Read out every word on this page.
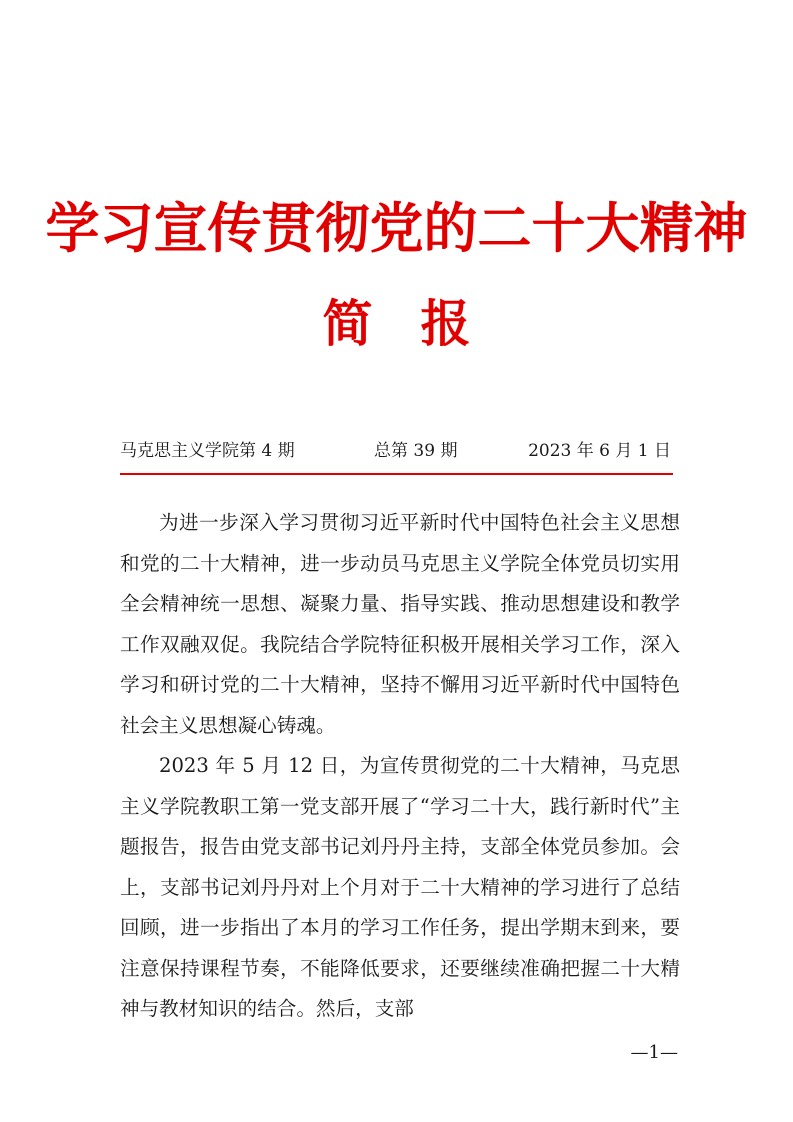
学习宣传贯彻党的二十大精神
简报
马克思主义学院第 4 期	总第 39 期	2023 年 6 月 1 日

为进一步深入学习贯彻习近平新时代中国特色社会主义思想和党的二十大精神，进一步动员马克思主义学院全体党员切实用全会精神统一思想、凝聚力量、指导实践、推动思想建设和教学工作双融双促。我院结合学院特征积极开展相关学习工作，深入学习和研讨党的二十大精神，坚持不懈用习近平新时代中国特色社会主义思想凝心铸魂。

2023 年 5 月 12 日，为宣传贯彻党的二十大精神，马克思主义学院教职工第一党支部开展了“学习二十大，践行新时代”主题报告，报告由党支部书记刘丹丹主持，支部全体党员参加。会上，支部书记刘丹丹对上个月对于二十大精神的学习进行了总结回顾，进一步指出了本月的学习工作任务，提出学期末到来，要注意保持课程节奏，不能降低要求，还要继续准确把握二十大精神与教材知识的结合。然后，支部

—1—
